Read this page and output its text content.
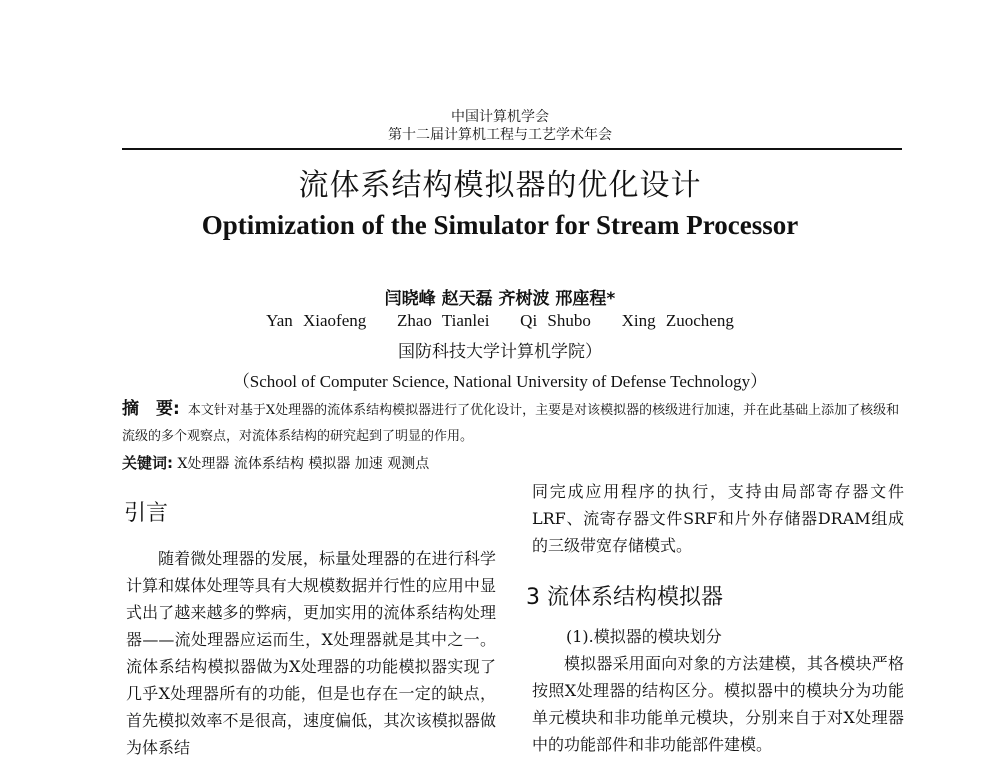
中国计算机学会
第十二届计算机工程与工艺学术年会
流体系结构模拟器的优化设计
Optimization of the Simulator for Stream Processor
闫晓峰 赵天磊 齐树波 邢座程*
Yan Xiaofeng   Zhao Tianlei   Qi Shubo   Xing Zuocheng
国防科技大学计算机学院）
（School of Computer Science, National University of Defense Technology）
摘　要: 本文针对基于X处理器的流体系结构模拟器进行了优化设计，主要是对该模拟器的核级进行加速，并在此基础上添加了核级和流级的多个观察点，对流体系结构的研究起到了明显的作用。
关键词: X处理器 流体系结构 模拟器 加速 观测点
引言

随着微处理器的发展，标量处理器的在进行科学计算和媒体处理等具有大规模数据并行性的应用中显式出了越来越多的弊病，更加实用的流体系结构处理器——流处理器应运而生，X处理器就是其中之一。流体系结构模拟器做为X处理器的功能模拟器实现了几乎X处理器所有的功能，但是也存在一定的缺点，首先模拟效率不是很高，速度偏低，其次该模拟器做为体系结

同完成应用程序的执行，支持由局部寄存器文件LRF、流寄存器文件SRF和片外存储器DRAM组成的三级带宽存储模式。

3 流体系结构模拟器
(1).模拟器的模块划分

模拟器采用面向对象的方法建模，其各模块严格按照X处理器的结构区分。模拟器中的模块分为功能单元模块和非功能单元模块，分别来自于对X处理器中的功能部件和非功能部件建模。
